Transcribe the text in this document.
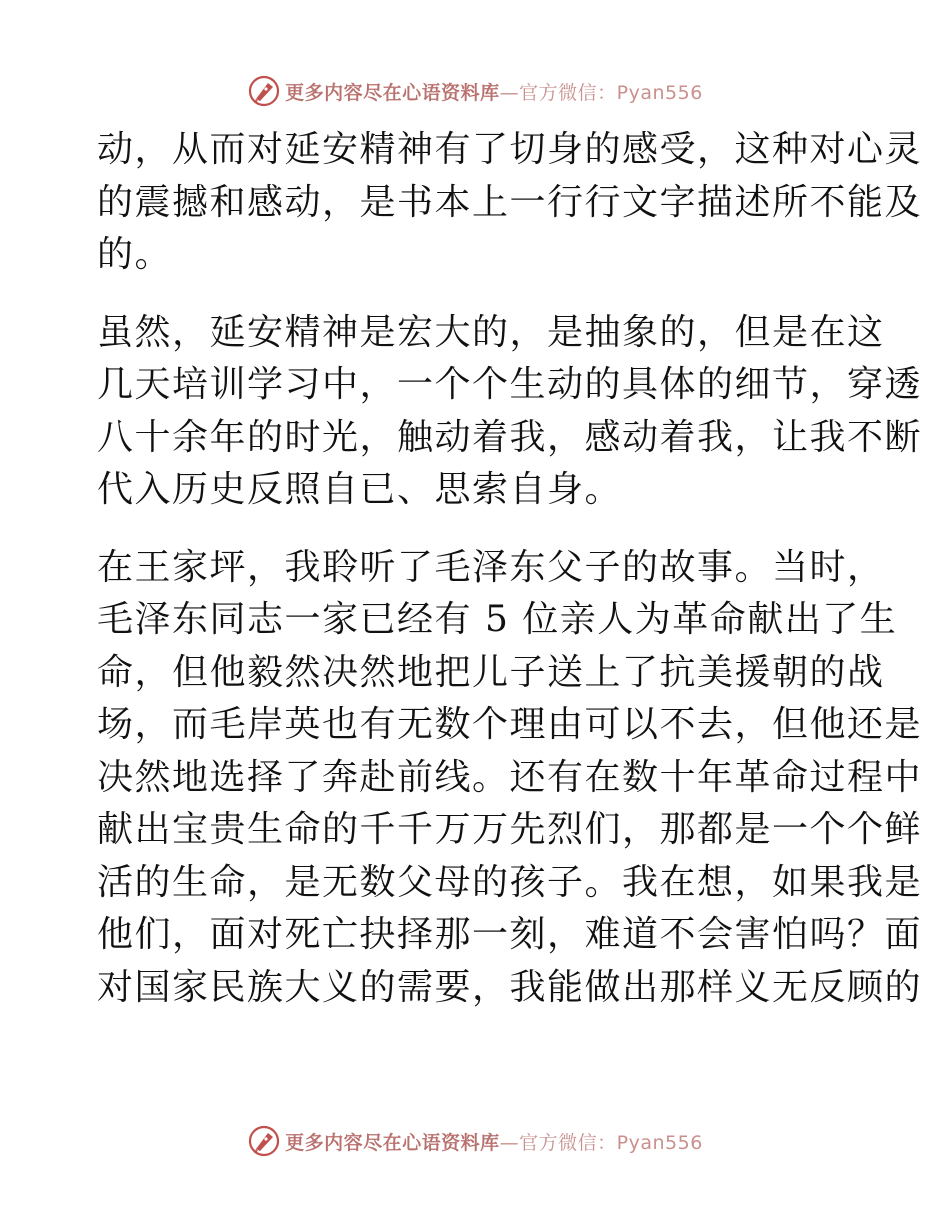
更多内容尽在心语资料库—官方微信：Pyan556
动，从而对延安精神有了切身的感受，这种对心灵
的震撼和感动，是书本上一行行文字描述所不能及
的。
虽然，延安精神是宏大的，是抽象的，但是在这
几天培训学习中，一个个生动的具体的细节，穿透
八十余年的时光，触动着我，感动着我，让我不断
代入历史反照自已、思索自身。
在王家坪，我聆听了毛泽东父子的故事。当时，
毛泽东同志一家已经有 5 位亲人为革命献出了生
命，但他毅然决然地把儿子送上了抗美援朝的战
场，而毛岸英也有无数个理由可以不去，但他还是
决然地选择了奔赴前线。还有在数十年革命过程中
献出宝贵生命的千千万万先烈们，那都是一个个鲜
活的生命，是无数父母的孩子。我在想，如果我是
他们，面对死亡抉择那一刻，难道不会害怕吗？面
对国家民族大义的需要，我能做出那样义无反顾的
更多内容尽在心语资料库—官方微信：Pyan556
